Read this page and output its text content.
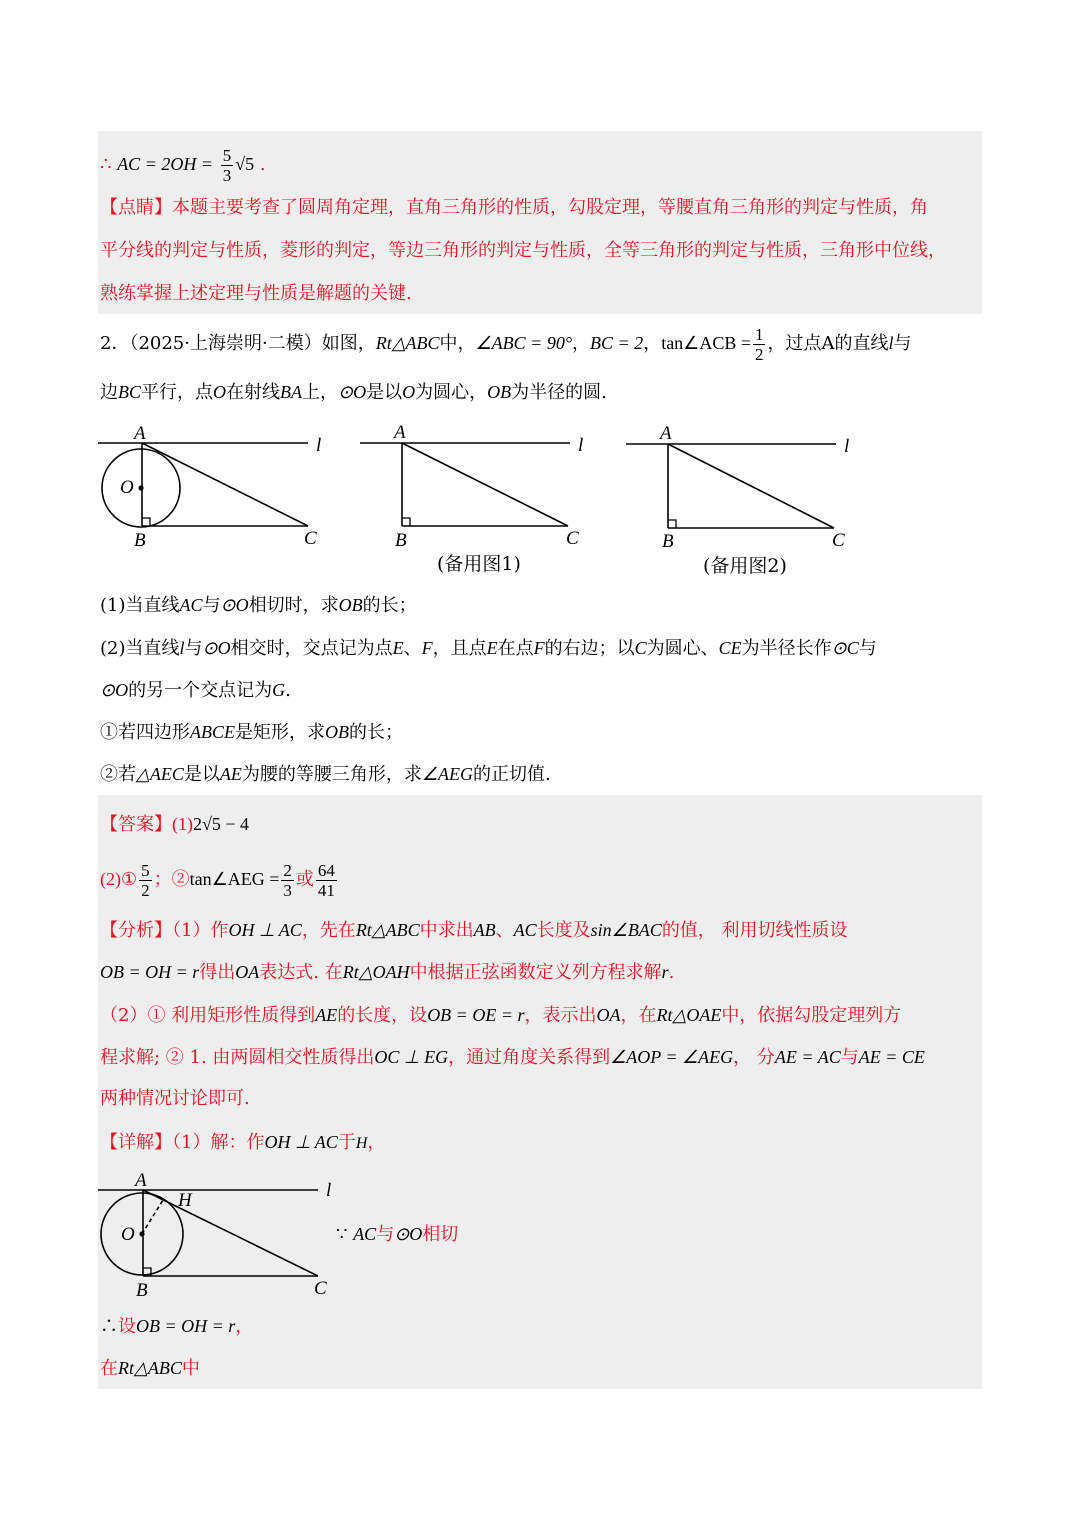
∴ AC = $2OH = \frac{5}{3} √5$ .
【点睛】本题主要考查了圆周角定理，直角三角形的性质，勾股定理，等腰直角三角形的判定与性质，角
平分线的判定与性质，菱形的判定，等边三角形的判定与性质，全等三角形的判定与性质，三角形中位线，
熟练掌握上述定理与性质是解题的关键.
2．（2025·上海崇明·二模）如图，Rt△ABC中，∠ABC = 90°，BC = 2，tan∠ACB = $\frac{1}{2}$ ，过点A的直线l与
边BC平行，点O在射线BA上，⊙O是以O为圆心，OB为半径的圆.
A
B	C
O
l
A
B	C
l
A
B	C
l
(备用图1)	(备用图2)
(1)当直线AC与⊙O相切时，求OB的长；
(2)当直线l与⊙O相交时，交点记为点E、F，且点E在点F的右边；以C为圆心、CE为半径长作⊙C与
⊙O的另一个交点记为G.
①若四边形ABCE是矩形，求OB的长；
②若△AEC是以AE为腰的等腰三角形，求∠AEG的正切值.
【答案】(1)2√5 − 4
(2)① $\frac{5}{2}$ ；②tan∠AEG = $\frac{2}{3}$ 或 $\frac{64}{41}$
【分析】（1）作OH ⊥ AC，先在Rt△ABC中求出AB、AC长度及sin∠BAC的值， 利用切线性质设
OB = OH = r得出OA表达式. 在Rt△OAH中根据正弦函数定义列方程求解r.
（2）① 利用矩形性质得到AE的长度，设OB = OE = r，表示出OA，在Rt△OAE中，依据勾股定理列方
程求解; ② 1. 由两圆相交性质得出OC ⊥ EG，通过角度关系得到∠AOP = ∠AEG， 分AE = AC与AE = CE
两种情况讨论即可.
【详解】（1）解：作OH ⊥ AC于H，
A
B	C
O
H	l
∵ AC与⊙O相切
∴设OB = OH = r，
在Rt△ABC中
